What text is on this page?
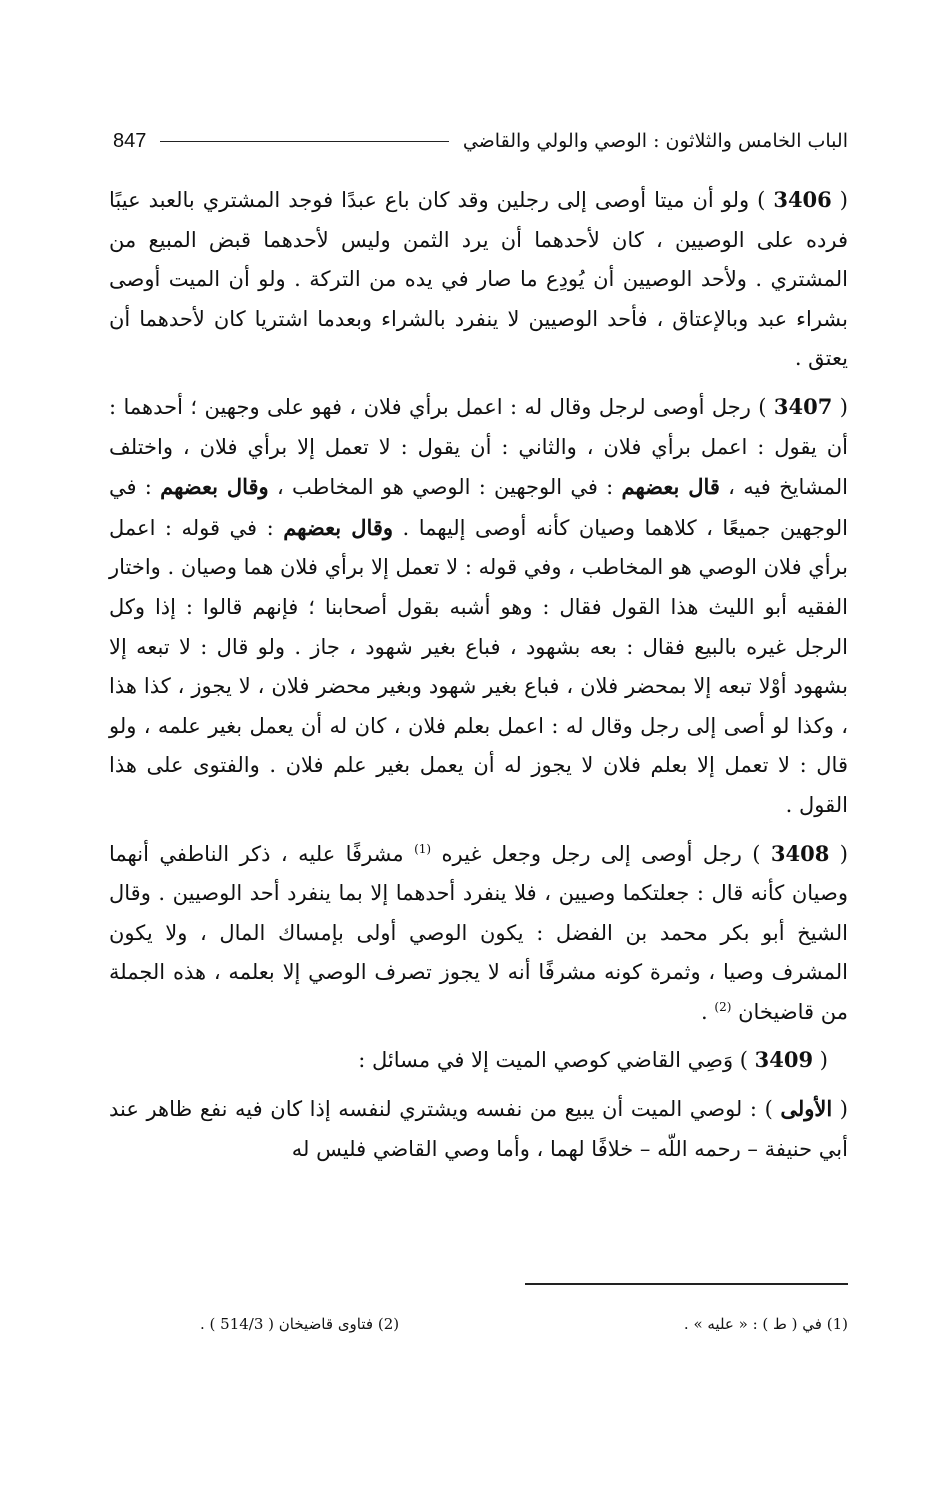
الباب الخامس والثلاثون : الوصي والولي والقاضي
847

( 3406 ) ولو أن ميتا أوصى إلى رجلين وقد كان باع عبدًا فوجد المشتري بالعبد عيبًا فرده على الوصيين ، كان لأحدهما أن يرد الثمن وليس لأحدهما قبض المبيع من المشتري . ولأحد الوصيين أن يُودِع ما صار في يده من التركة . ولو أن الميت أوصى بشراء عبد وبالإعتاق ، فأحد الوصيين لا ينفرد بالشراء وبعدما اشتريا كان لأحدهما أن يعتق .

( 3407 ) رجل أوصى لرجل وقال له : اعمل برأي فلان ، فهو على وجهين ؛ أحدهما : أن يقول : اعمل برأي فلان ، والثاني : أن يقول : لا تعمل إلا برأي فلان ، واختلف المشايخ فيه ، قال بعضهم : في الوجهين : الوصي هو المخاطب ، وقال بعضهم : في الوجهين جميعًا ، كلاهما وصيان كأنه أوصى إليهما . وقال بعضهم : في قوله : اعمل برأي فلان الوصي هو المخاطب ، وفي قوله : لا تعمل إلا برأي فلان هما وصيان . واختار الفقيه أبو الليث هذا القول فقال : وهو أشبه بقول أصحابنا ؛ فإنهم قالوا : إذا وكل الرجل غيره بالبيع فقال : بعه بشهود ، فباع بغير شهود ، جاز . ولو قال : لا تبعه إلا بشهود أوْلا تبعه إلا بمحضر فلان ، فباع بغير شهود وبغير محضر فلان ، لا يجوز ، كذا هذا ، وكذا لو أصى إلى رجل وقال له : اعمل بعلم فلان ، كان له أن يعمل بغير علمه ، ولو قال : لا تعمل إلا بعلم فلان لا يجوز له أن يعمل بغير علم فلان . والفتوى على هذا القول .

( 3408 ) رجل أوصى إلى رجل وجعل غيره $^{(1)}$ مشرفًا عليه ، ذكر الناطفي أنهما وصيان كأنه قال : جعلتكما وصيين ، فلا ينفرد أحدهما إلا بما ينفرد أحد الوصيين . وقال الشيخ أبو بكر محمد بن الفضل : يكون الوصي أولى بإمساك المال ، ولا يكون المشرف وصيا ، وثمرة كونه مشرفًا أنه لا يجوز تصرف الوصي إلا بعلمه ، هذه الجملة من قاضيخان $^{(2)}$ .

( 3409 ) وَصِي القاضي كوصي الميت إلا في مسائل :

( الأولى ) : لوصي الميت أن يبيع من نفسه ويشتري لنفسه إذا كان فيه نفع ظاهر عند أبي حنيفة – رحمه اللّه – خلافًا لهما ، وأما وصي القاضي فليس له

(1) في ( ط ) : « عليه » .
(2) فتاوى قاضيخان ( 514/3 ) .
